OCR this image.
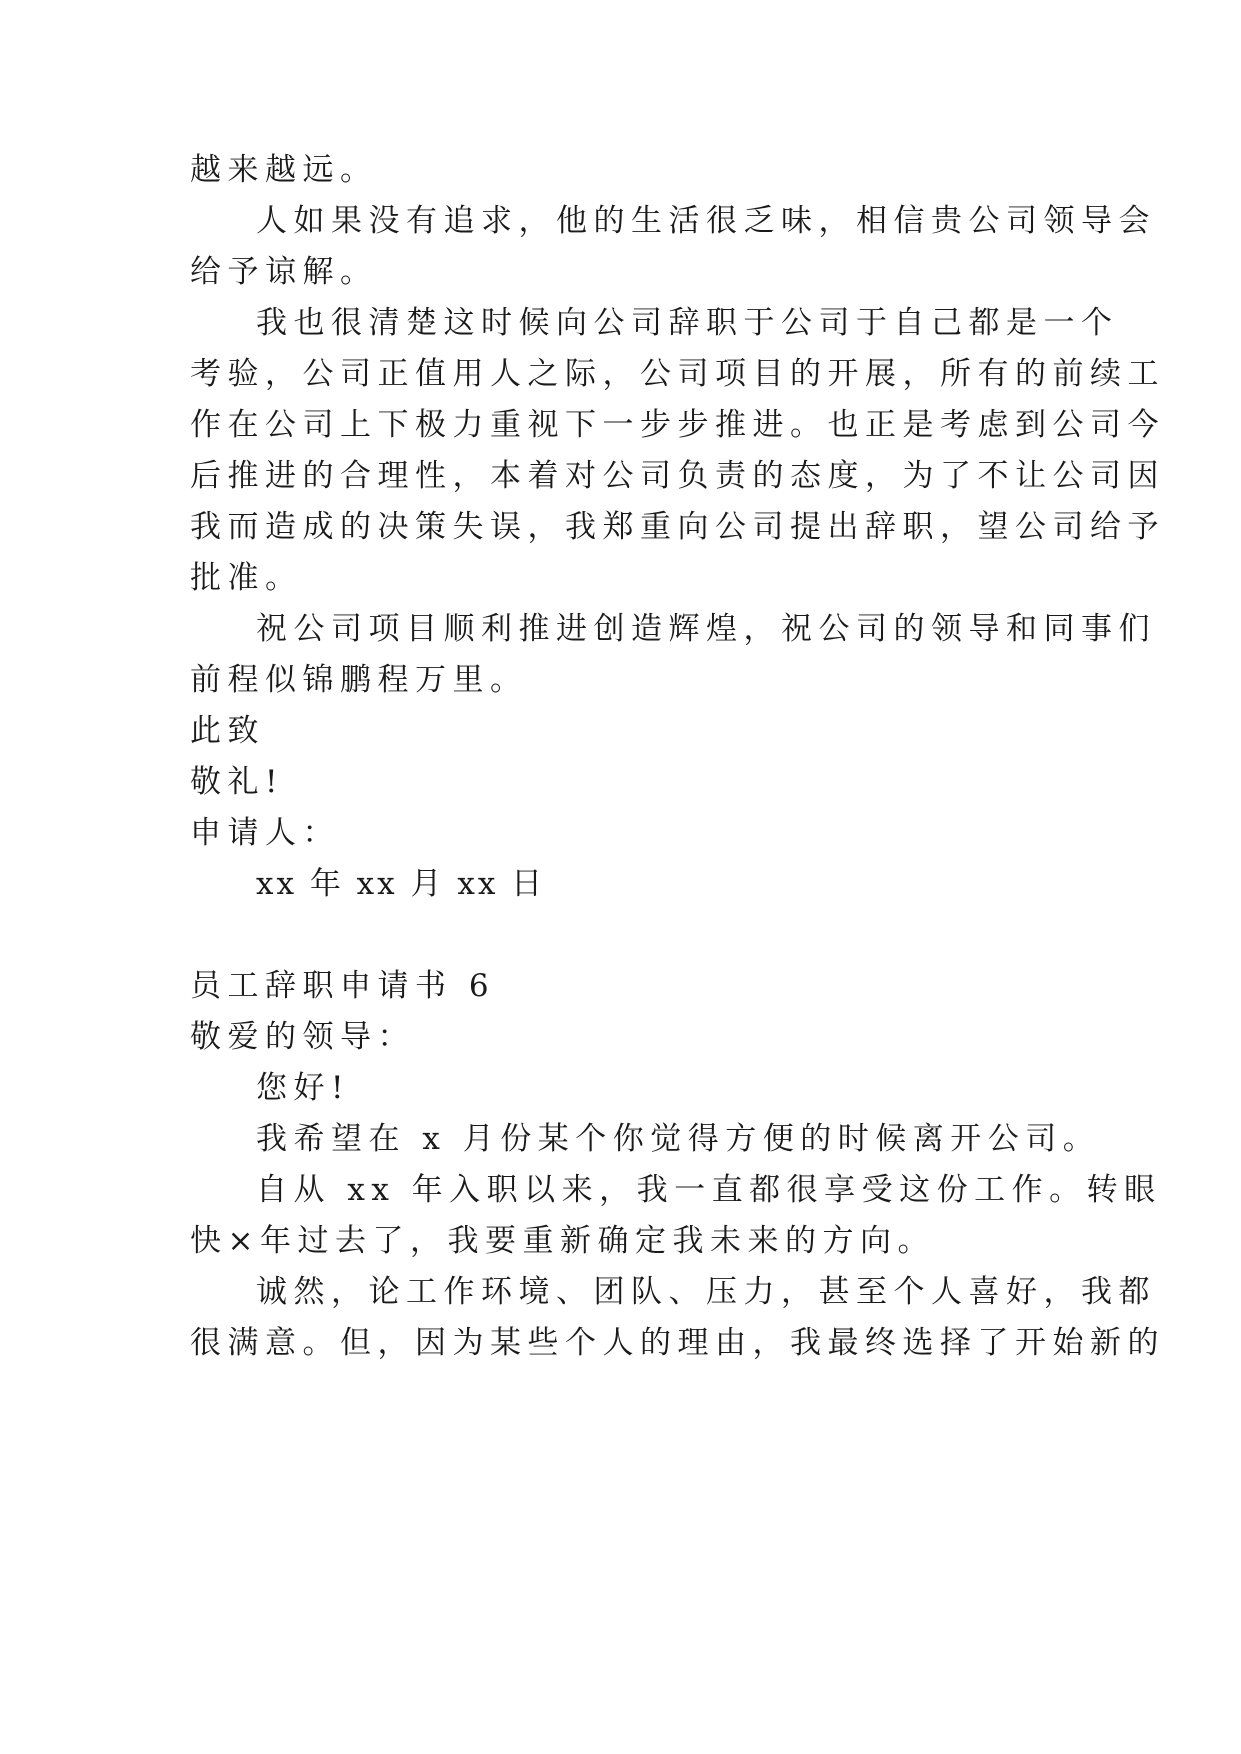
越来越远。
人如果没有追求，他的生活很乏味，相信贵公司领导会
给予谅解。
我也很清楚这时候向公司辞职于公司于自己都是一个
考验，公司正值用人之际，公司项目的开展，所有的前续工
作在公司上下极力重视下一步步推进。也正是考虑到公司今
后推进的合理性，本着对公司负责的态度，为了不让公司因
我而造成的决策失误，我郑重向公司提出辞职，望公司给予
批准。
祝公司项目顺利推进创造辉煌，祝公司的领导和同事们
前程似锦鹏程万里。
此致
敬礼!
申请人：
xx 年 xx 月 xx 日
员工辞职申请书 6
敬爱的领导：
您好!
我希望在 x 月份某个你觉得方便的时候离开公司。
自从 xx 年入职以来，我一直都很享受这份工作。转眼
快×年过去了，我要重新确定我未来的方向。
诚然，论工作环境、团队、压力，甚至个人喜好，我都
很满意。但，因为某些个人的理由，我最终选择了开始新的
